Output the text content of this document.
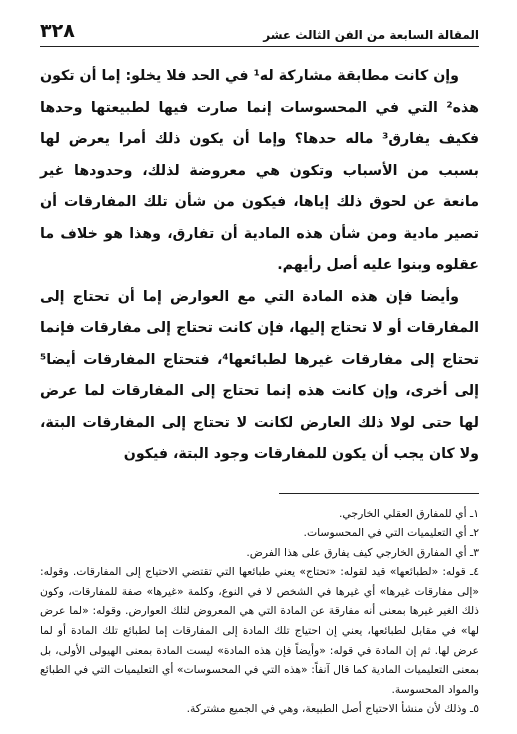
٣٢٨	المقالة السابعة من الفن الثالث عشر

وإن كانت مطابقة مشاركة له¹ في الحد فلا يخلو: إما أن تكون هذه² التي في المحسوسات إنما صارت فيها لطبيعتها وحدها فكيف يفارق³ ماله حدها؟ وإما أن يكون ذلك أمرا يعرض لها بسبب من الأسباب وتكون هي معروضة لذلك، وحدودها غير مانعة عن لحوق ذلك إياها، فيكون من شأن تلك المفارقات أن تصير مادية ومن شأن هذه المادية أن تفارق، وهذا هو خلاف ما عقلوه وبنوا عليه أصل رأيهم.

وأيضا فإن هذه المادة التي مع العوارض إما أن تحتاج إلى المفارقات أو لا تحتاج إليها، فإن كانت تحتاج إلى مفارقات فإنما تحتاج إلى مفارقات غيرها لطبائعها⁴، فتحتاج المفارقات أيضا⁵ إلى أخرى، وإن كانت هذه إنما تحتاج إلى المفارقات لما عرض لها حتى لولا ذلك العارض لكانت لا تحتاج إلى المفارقات البتة، ولا كان يجب أن يكون للمفارقات وجود البتة، فيكون

١ـ أي للمفارق العقلي الخارجي.

٢ـ أي التعليميات التي في المحسوسات.

٣ـ أي المفارق الخارجي كيف يفارق على هذا الفرض.

٤ـ قوله: «لطبائعها» قيد لقوله: «تحتاج» يعني طبائعها التي تقتضي الاحتياج إلى المفارقات. وقوله: «إلى مفارقات غيرها» أي غيرها في الشخص لا في النوع، وكلمة «غيرها» صفة للمفارقات، وكون ذلك الغير غيرها بمعنى أنه مفارقة عن المادة التي هي المعروض لتلك العوارض. وقوله: «لما عرض لها» في مقابل لطبائعها، يعني إن احتياج تلك المادة إلى المفارقات إما لطبائع تلك المادة أو لما عرض لها. ثم إن المادة في قوله: «وأيضاً فإن هذه المادة» ليست المادة بمعنى الهيولى الأولى، بل بمعنى التعليميات المادية كما قال آنفاً: «هذه التي في المحسوسات» أي التعليميات التي في الطبائع والمواد المحسوسة.

٥ـ وذلك لأن منشأ الاحتياج أصل الطبيعة، وهي في الجميع مشتركة.
